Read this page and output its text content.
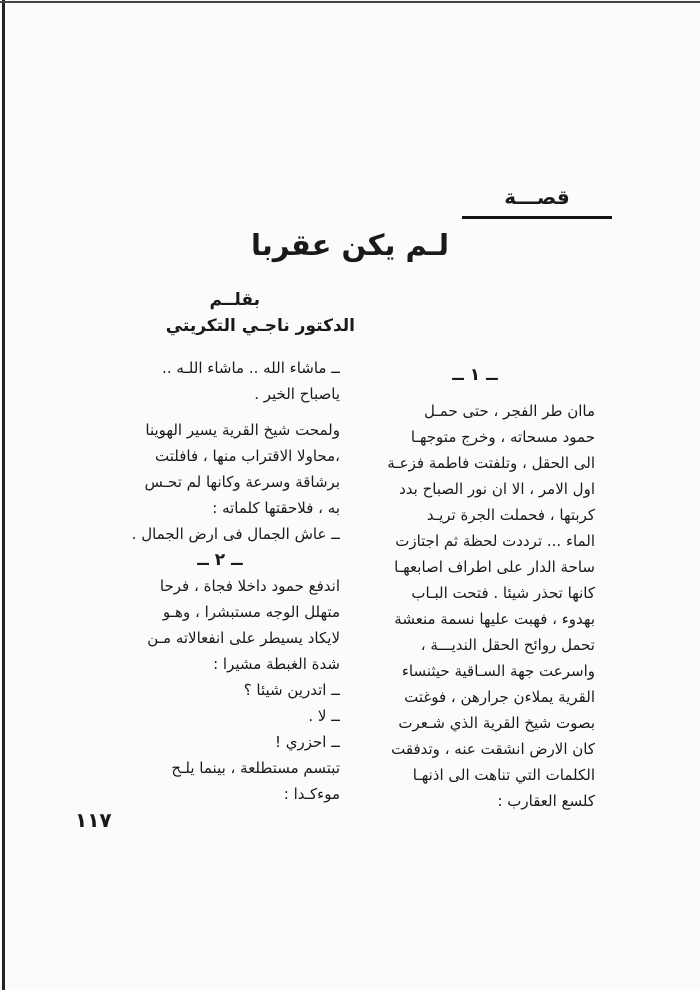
قصـــة
لـم يكن عقربا
بقلــم
الدكتور ناجـي التكريتي
ــ ١ ــ
ماان طر الفجر ، حتى حمـل
حمود مسحاته ، وخرج متوجهـا
الى الحقل ، وتلفتت فاطمة فزعـة
اول الامر ، الا ان نور الصباح بدد
كربتها ، فحملت الجرة تريـد
الماء ... ترددت لحظة ثم اجتازت
ساحة الدار على اطراف اصابعهـا
كانها تحذر شيئا . فتحت البـاب
بهدوء ، فهبت عليها نسمة منعشة
تحمل روائح الحقل النديـــة ،
واسرعت جهة السـاقية حيثنساء
القرية يملاءن جرارهن ، فوغتت
بصوت شيخ القرية الذي شـعرت
كان الارض انشقت عنه ، وتدفقت
الكلمات التي تناهت الى اذنهـا
كلسع العقارب :
ــ ماشاء الله .. ماشاء اللـه ..
ياصباح الخير .
ولمحت شيخ القرية يسير الهوينا
،محاولا الاقتراب منها ، فافلتت
برشاقة وسرعة وكانها لم تحـس
به ، فلاحقتها كلماته :
ــ عاش الجمال فى ارض الجمال .
ــ ٢ ــ
اندفع حمود داخلا فجاة ، فرحا
متهلل الوجه مستبشرا ، وهـو
لايكاد يسيطر على انفعالاته مـن
شدة الغبطة مشيرا :
ــ اتدرين شيئا ؟
ــ لا .
ــ احزري !
تبتسم مستطلعة ، بينما يلـح
موءكـدا :
١١٧
